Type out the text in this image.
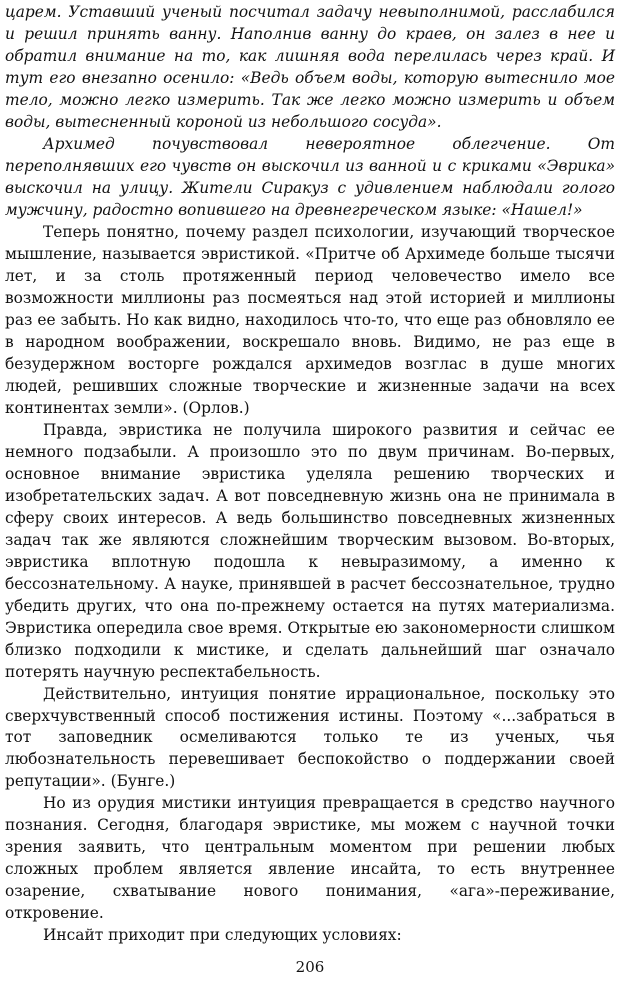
царем. Уставший ученый посчитал задачу невыполнимой, расслабился и решил принять ванну. Наполнив ванну до краев, он залез в нее и обратил внимание на то, как лишняя вода перелилась через край. И тут его внезапно осенило: «Ведь объем воды, которую вытеснило мое тело, можно легко измерить. Так же легко можно измерить и объем воды, вытесненный короной из небольшого сосуда».

Архимед почувствовал невероятное облегчение. От переполнявших его чувств он выскочил из ванной и с криками «Эврика» выскочил на улицу. Жители Сиракуз с удивлением наблюдали голого мужчину, радостно вопившего на древнегреческом языке: «Нашел!»

Теперь понятно, почему раздел психологии, изучающий творческое мышление, называется эвристикой. «Притче об Архимеде больше тысячи лет, и за столь протяженный период человечество имело все возможности миллионы раз посмеяться над этой историей и миллионы раз ее забыть. Но как видно, находилось что-то, что еще раз обновляло ее в народном воображении, воскрешало вновь. Видимо, не раз еще в безудержном восторге рождался архимедов возглас в душе многих людей, решивших сложные творческие и жизненные задачи на всех континентах земли». (Орлов.)

Правда, эвристика не получила широкого развития и сейчас ее немного подзабыли. А произошло это по двум причинам. Во-первых, основное внимание эвристика уделяла решению творческих и изобретательских задач. А вот повседневную жизнь она не принимала в сферу своих интересов. А ведь большинство повседневных жизненных задач так же являются сложнейшим творческим вызовом. Во-вторых, эвристика вплотную подошла к невыразимому, а именно к бессознательному. А науке, принявшей в расчет бессознательное, трудно убедить других, что она по-прежнему остается на путях материализма. Эвристика опередила свое время. Открытые ею закономерности слишком близко подходили к мистике, и сделать дальнейший шаг означало потерять научную респектабельность.

Действительно, интуиция понятие иррациональное, поскольку это сверхчувственный способ постижения истины. Поэтому «...забраться в тот заповедник осмеливаются только те из ученых, чья любознательность перевешивает беспокойство о поддержании своей репутации». (Бунге.)

Но из орудия мистики интуиция превращается в средство научного познания. Сегодня, благодаря эвристике, мы можем с научной точки зрения заявить, что центральным моментом при решении любых сложных проблем является явление инсайта, то есть внутреннее озарение, схватывание нового понимания, «ага»-переживание, откровение.

Инсайт приходит при следующих условиях:

206
